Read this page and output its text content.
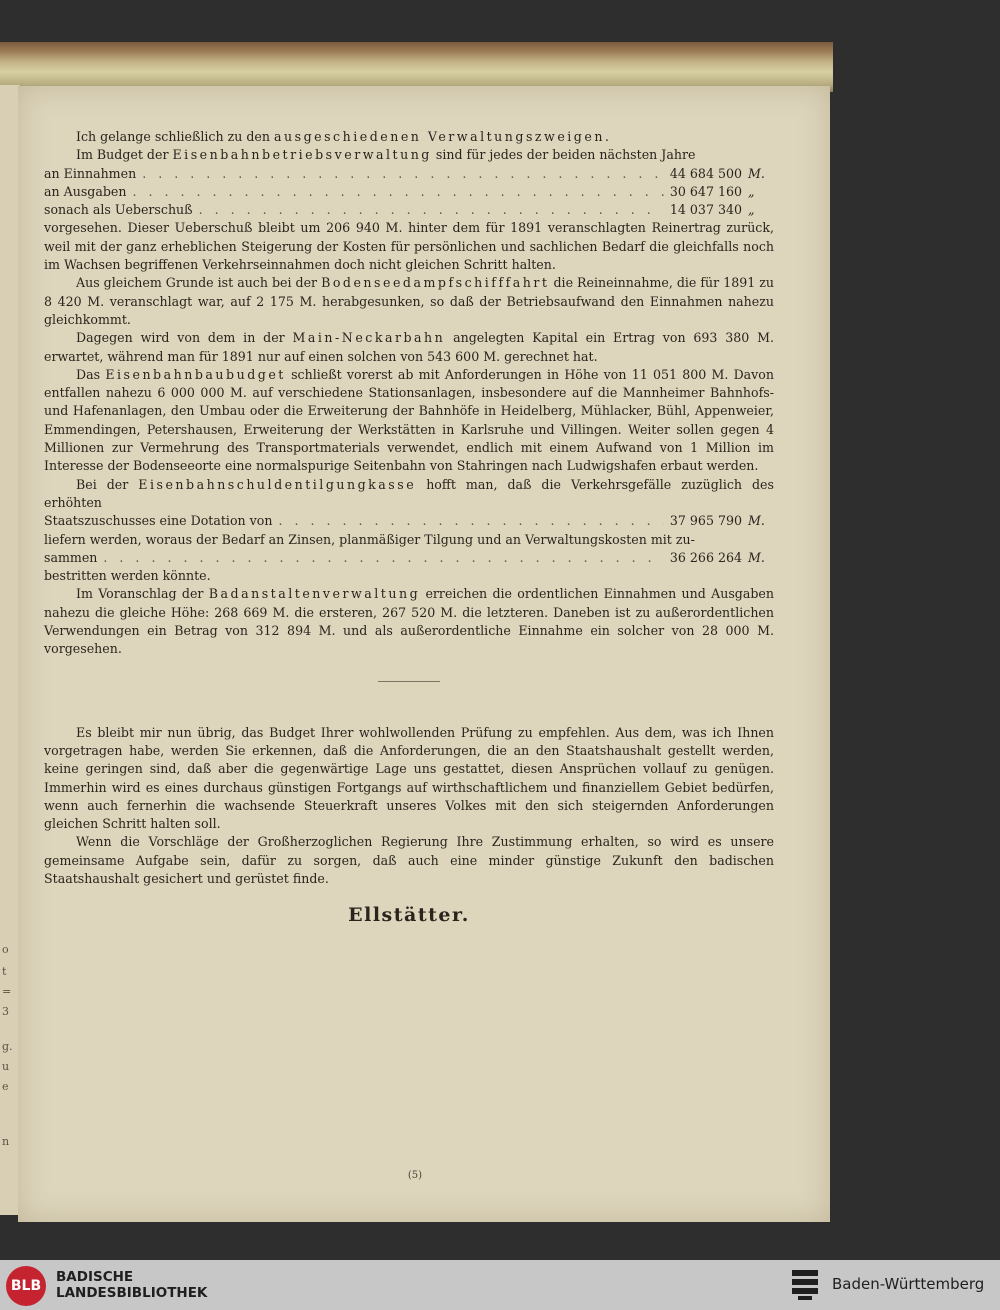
o
t
=
3
g.
u
e
n

Ich gelange schließlich zu den ausgeschiedenen Verwaltungszweigen.

Im Budget der Eisenbahnbetriebsverwaltung sind für jedes der beiden nächsten Jahre

an Einnahmen . . .	44 684 500 M.
an Ausgaben . . .	30 647 160 „
sonach als Ueberschuß . . .	14 037 340 „

vorgesehen. Dieser Ueberschuß bleibt um 206 940 M. hinter dem für 1891 veranschlagten Reinertrag zurück, weil mit der ganz erheblichen Steigerung der Kosten für persönlichen und sachlichen Bedarf die gleichfalls noch im Wachsen begriffenen Verkehrseinnahmen doch nicht gleichen Schritt halten.

Aus gleichem Grunde ist auch bei der Bodenseedampfschifffahrt die Reineinnahme, die für 1891 zu 8 420 M. veranschlagt war, auf 2 175 M. herabgesunken, so daß der Betriebsaufwand den Einnahmen nahezu gleichkommt.

Dagegen wird von dem in der Main-Neckarbahn angelegten Kapital ein Ertrag von 693 380 M. erwartet, während man für 1891 nur auf einen solchen von 543 600 M. gerechnet hat.

Das Eisenbahnbaubudget schließt vorerst ab mit Anforderungen in Höhe von 11 051 800 M. Davon entfallen nahezu 6 000 000 M. auf verschiedene Stationsanlagen, insbesondere auf die Mannheimer Bahnhofs- und Hafenanlagen, den Umbau oder die Erweiterung der Bahnhöfe in Heidelberg, Mühlacker, Bühl, Appenweier, Emmendingen, Petershausen, Erweiterung der Werkstätten in Karlsruhe und Villingen. Weiter sollen gegen 4 Millionen zur Vermehrung des Transportmaterials verwendet, endlich mit einem Aufwand von 1 Million im Interesse der Bodenseeorte eine normalspurige Seitenbahn von Stahringen nach Ludwigshafen erbaut werden.

Bei der Eisenbahnschuldentilgungkasse hofft man, daß die Verkehrsgefälle zuzüglich des erhöhten

Staatszuschusses eine Dotation von . . .	37 965 790 M.

liefern werden, woraus der Bedarf an Zinsen, planmäßiger Tilgung und an Verwaltungskosten mit zu-

sammen . . .	36 266 264 M.

bestritten werden könnte.

Im Voranschlag der Badanstaltenverwaltung erreichen die ordentlichen Einnahmen und Ausgaben nahezu die gleiche Höhe: 268 669 M. die ersteren, 267 520 M. die letzteren. Daneben ist zu außerordentlichen Verwendungen ein Betrag von 312 894 M. und als außerordentliche Einnahme ein solcher von 28 000 M. vorgesehen.

Es bleibt mir nun übrig, das Budget Ihrer wohlwollenden Prüfung zu empfehlen. Aus dem, was ich Ihnen vorgetragen habe, werden Sie erkennen, daß die Anforderungen, die an den Staatshaushalt gestellt werden, keine geringen sind, daß aber die gegenwärtige Lage uns gestattet, diesen Ansprüchen vollauf zu genügen. Immerhin wird es eines durchaus günstigen Fortgangs auf wirthschaftlichem und finanziellem Gebiet bedürfen, wenn auch fernerhin die wachsende Steuerkraft unseres Volkes mit den sich steigernden Anforderungen gleichen Schritt halten soll.

Wenn die Vorschläge der Großherzoglichen Regierung Ihre Zustimmung erhalten, so wird es unsere gemeinsame Aufgabe sein, dafür zu sorgen, daß auch eine minder günstige Zukunft den badischen Staatshaushalt gesichert und gerüstet finde.

Ellstätter.
(5)
BLB
BADISCHE
LANDESBIBLIOTHEK	Baden-Württemberg
